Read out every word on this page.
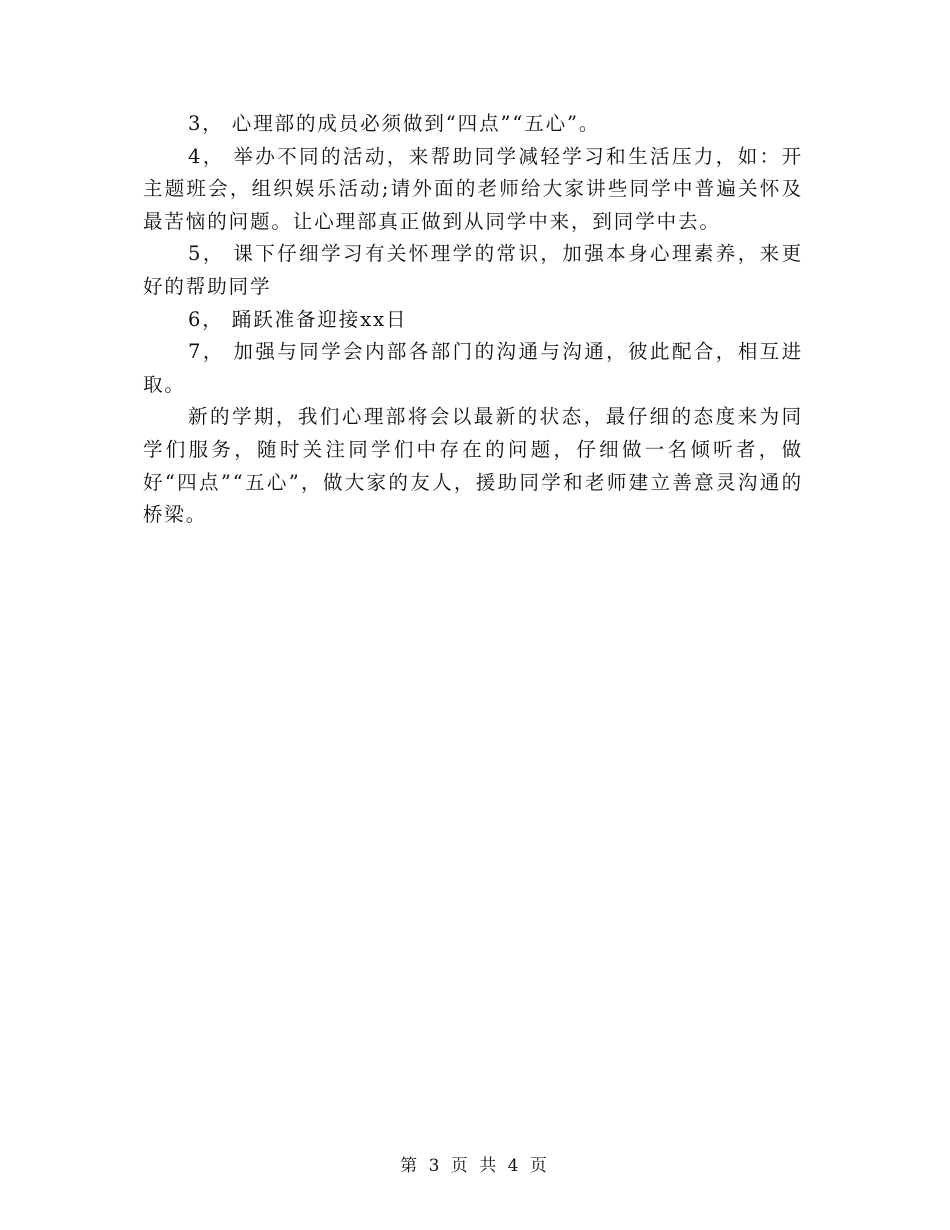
3， 心理部的成员必须做到“四点”“五心”。

4， 举办不同的活动，来帮助同学减轻学习和生活压力，如：开主题班会，组织娱乐活动;请外面的老师给大家讲些同学中普遍关怀及最苦恼的问题。让心理部真正做到从同学中来，到同学中去。

5， 课下仔细学习有关怀理学的常识，加强本身心理素养，来更好的帮助同学

6， 踊跃准备迎接xx日

7， 加强与同学会内部各部门的沟通与沟通，彼此配合，相互进取。

新的学期，我们心理部将会以最新的状态，最仔细的态度来为同学们服务，随时关注同学们中存在的问题，仔细做一名倾听者，做好“四点”“五心”，做大家的友人，援助同学和老师建立善意灵沟通的桥梁。

第 3 页 共 4 页
